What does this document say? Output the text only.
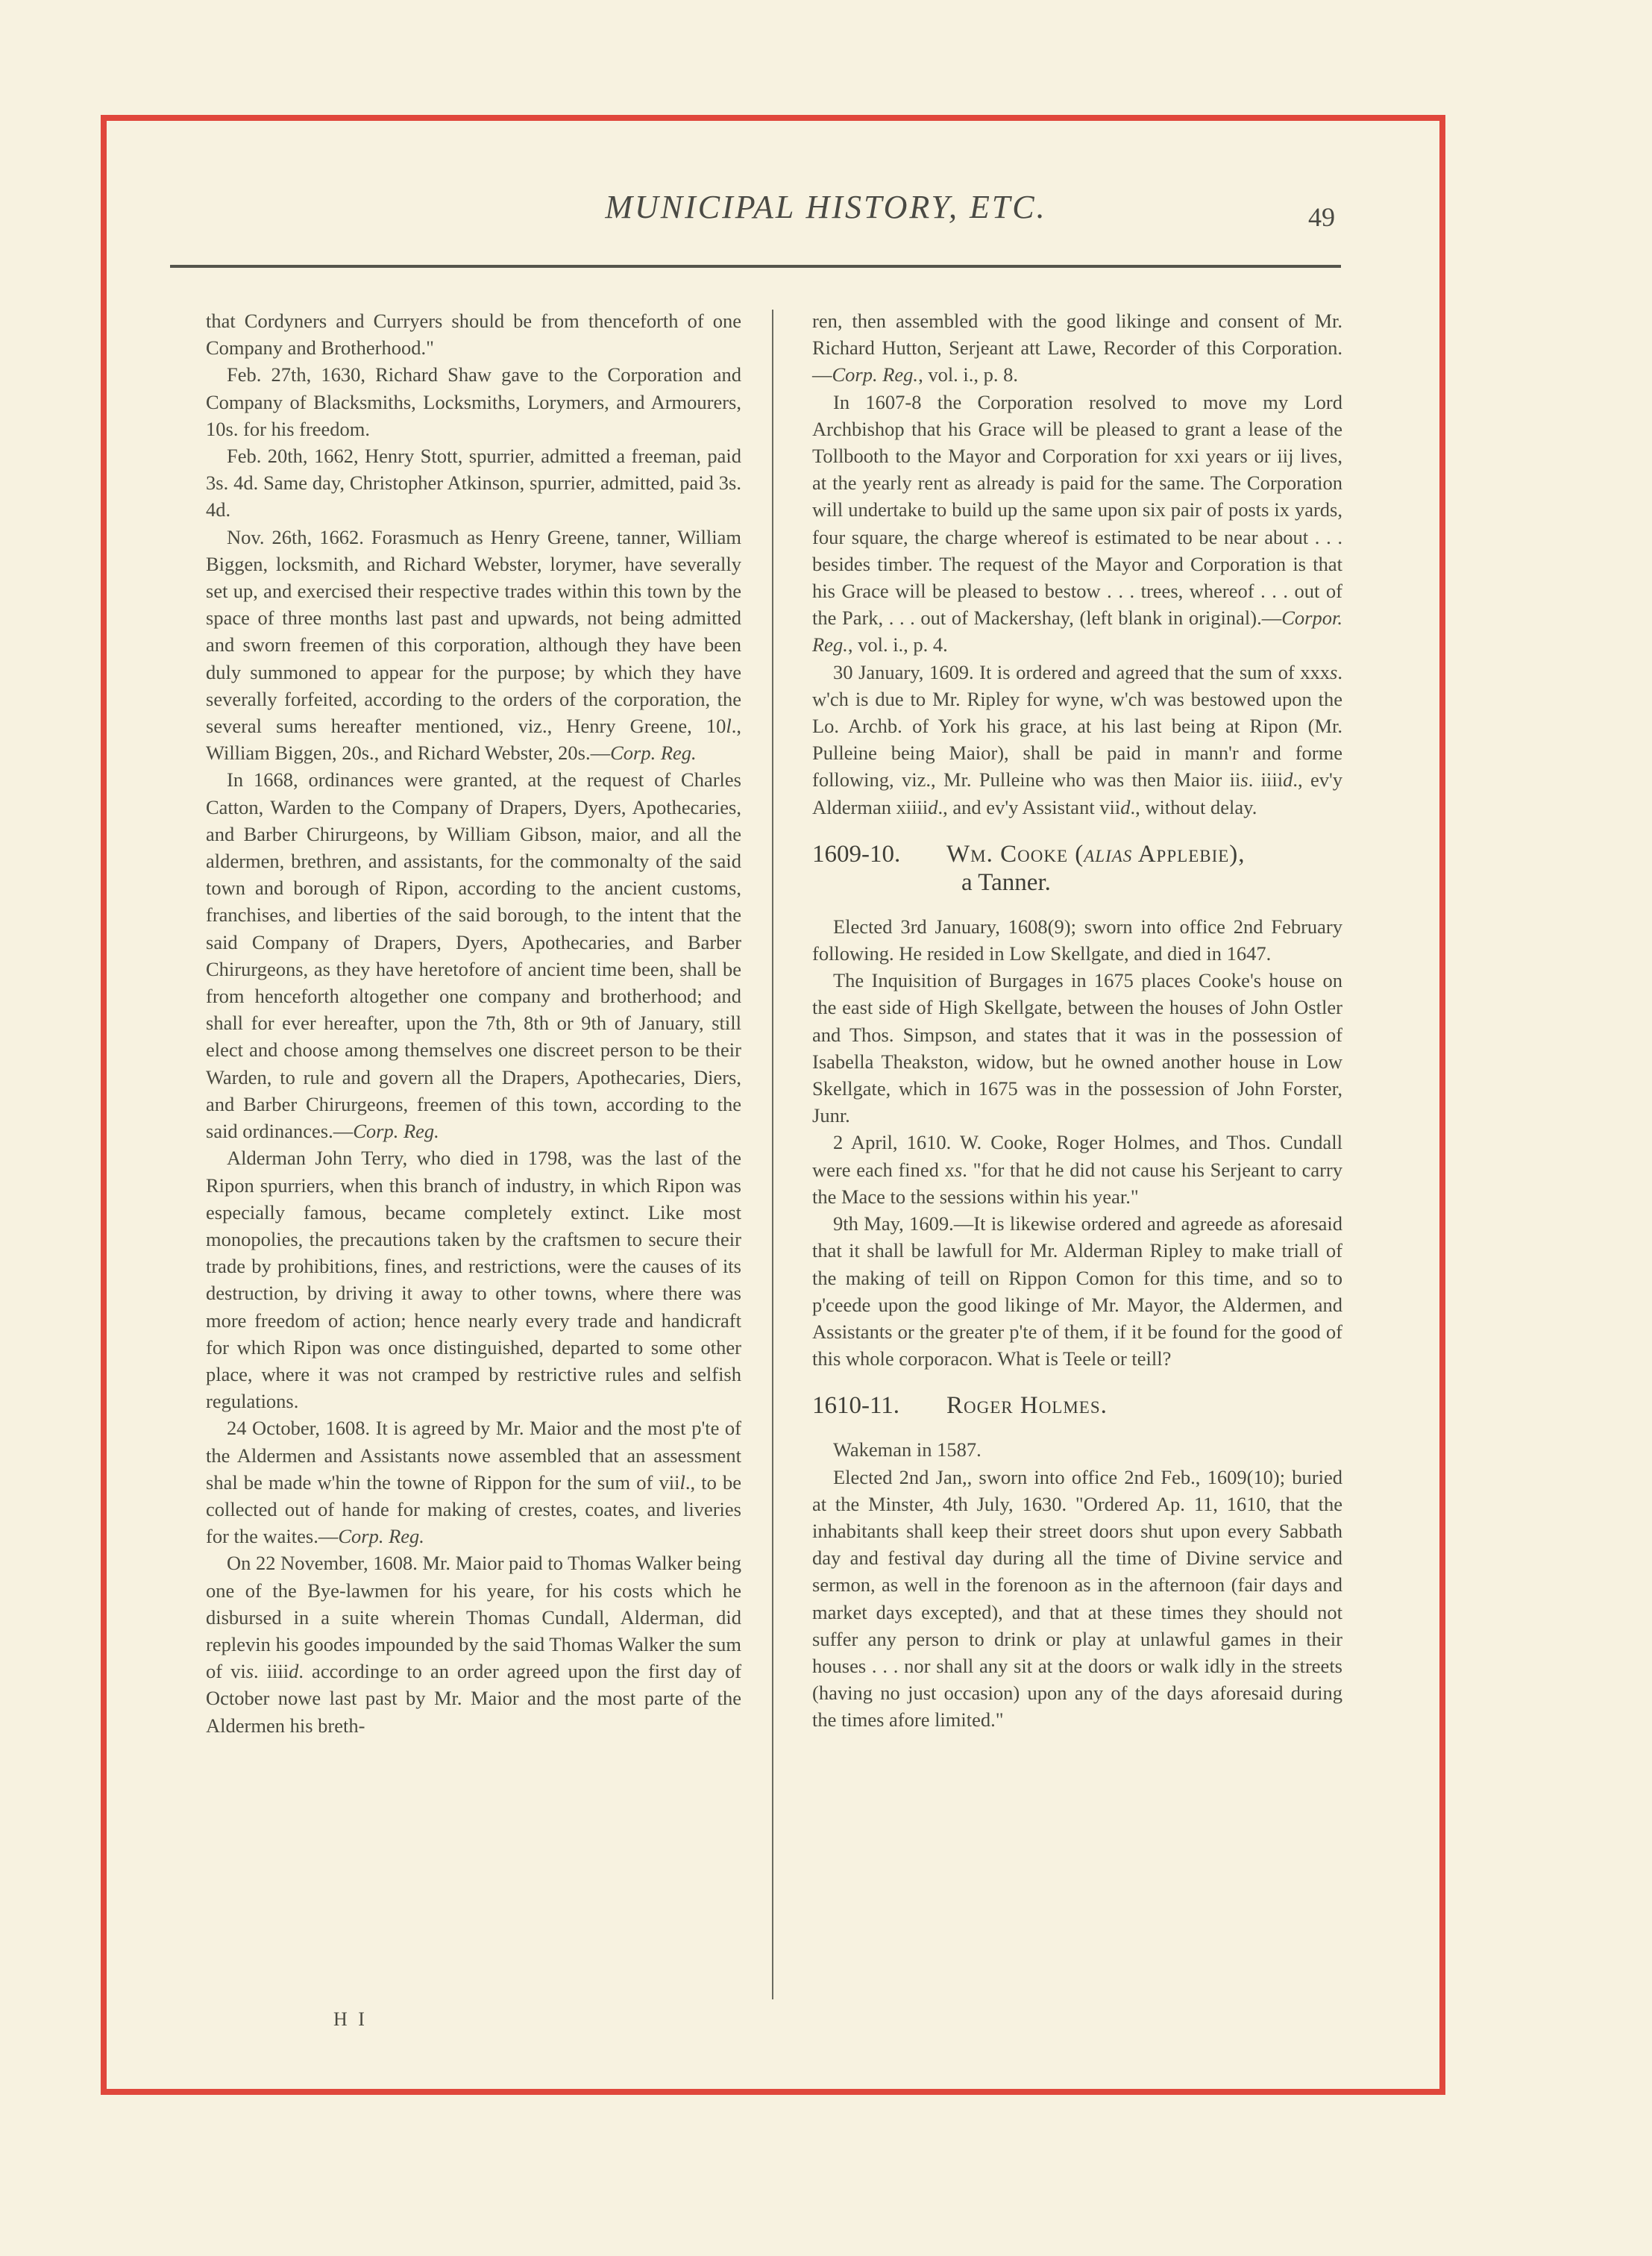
MUNICIPAL HISTORY, ETC.	49

that Cordyners and Curryers should be from thenceforth of one Company and Brotherhood."

Feb. 27th, 1630, Richard Shaw gave to the Corporation and Company of Blacksmiths, Locksmiths, Lorymers, and Armourers, 10s. for his freedom.

Feb. 20th, 1662, Henry Stott, spurrier, admitted a freeman, paid 3s. 4d. Same day, Christopher Atkinson, spurrier, admitted, paid 3s. 4d.

Nov. 26th, 1662. Forasmuch as Henry Greene, tanner, William Biggen, locksmith, and Richard Webster, lorymer, have severally set up, and exercised their respective trades within this town by the space of three months last past and upwards, not being admitted and sworn freemen of this corporation, although they have been duly summoned to appear for the purpose; by which they have severally forfeited, according to the orders of the corporation, the several sums hereafter mentioned, viz., Henry Greene, 10l., William Biggen, 20s., and Richard Webster, 20s.—Corp. Reg.

In 1668, ordinances were granted, at the request of Charles Catton, Warden to the Company of Drapers, Dyers, Apothecaries, and Barber Chirurgeons, by William Gibson, maior, and all the aldermen, brethren, and assistants, for the commonalty of the said town and borough of Ripon, according to the ancient customs, franchises, and liberties of the said borough, to the intent that the said Company of Drapers, Dyers, Apothecaries, and Barber Chirurgeons, as they have heretofore of ancient time been, shall be from henceforth altogether one company and brotherhood; and shall for ever hereafter, upon the 7th, 8th or 9th of January, still elect and choose among themselves one discreet person to be their Warden, to rule and govern all the Drapers, Apothecaries, Diers, and Barber Chirurgeons, freemen of this town, according to the said ordinances.—Corp. Reg.

Alderman John Terry, who died in 1798, was the last of the Ripon spurriers, when this branch of industry, in which Ripon was especially famous, became completely extinct. Like most monopolies, the precautions taken by the craftsmen to secure their trade by prohibitions, fines, and restrictions, were the causes of its destruction, by driving it away to other towns, where there was more freedom of action; hence nearly every trade and handicraft for which Ripon was once distinguished, departed to some other place, where it was not cramped by restrictive rules and selfish regulations.

24 October, 1608. It is agreed by Mr. Maior and the most p'te of the Aldermen and Assistants nowe assembled that an assessment shal be made w'hin the towne of Rippon for the sum of viil., to be collected out of hande for making of crestes, coates, and liveries for the waites.—Corp. Reg.

On 22 November, 1608. Mr. Maior paid to Thomas Walker being one of the Bye-lawmen for his yeare, for his costs which he disbursed in a suite wherein Thomas Cundall, Alderman, did replevin his goodes impounded by the said Thomas Walker the sum of vis. iiiid. accordinge to an order agreed upon the first day of October nowe last past by Mr. Maior and the most parte of the Aldermen his breth-

ren, then assembled with the good likinge and consent of Mr. Richard Hutton, Serjeant att Lawe, Recorder of this Corporation.—Corp. Reg., vol. i., p. 8.

In 1607-8 the Corporation resolved to move my Lord Archbishop that his Grace will be pleased to grant a lease of the Tollbooth to the Mayor and Corporation for xxi years or iij lives, at the yearly rent as already is paid for the same. The Corporation will undertake to build up the same upon six pair of posts ix yards, four square, the charge whereof is estimated to be near about . . . besides timber. The request of the Mayor and Corporation is that his Grace will be pleased to bestow . . . trees, whereof . . . out of the Park, . . . out of Mackershay, (left blank in original).—Corpor. Reg., vol. i., p. 4.

30 January, 1609. It is ordered and agreed that the sum of xxxs. w'ch is due to Mr. Ripley for wyne, w'ch was bestowed upon the Lo. Archb. of York his grace, at his last being at Ripon (Mr. Pulleine being Maior), shall be paid in mann'r and forme following, viz., Mr. Pulleine who was then Maior iis. iiiid., ev'y Alderman xiiiid., and ev'y Assistant viid., without delay.

1609-10. Wm. Cooke (alias Applebie),
a Tanner.

Elected 3rd January, 1608(9); sworn into office 2nd February following. He resided in Low Skellgate, and died in 1647.

The Inquisition of Burgages in 1675 places Cooke's house on the east side of High Skellgate, between the houses of John Ostler and Thos. Simpson, and states that it was in the possession of Isabella Theakston, widow, but he owned another house in Low Skellgate, which in 1675 was in the possession of John Forster, Junr.

2 April, 1610. W. Cooke, Roger Holmes, and Thos. Cundall were each fined xs. "for that he did not cause his Serjeant to carry the Mace to the sessions within his year."

9th May, 1609.—It is likewise ordered and agreede as aforesaid that it shall be lawfull for Mr. Alderman Ripley to make triall of the making of teill on Rippon Comon for this time, and so to p'ceede upon the good likinge of Mr. Mayor, the Aldermen, and Assistants or the greater p'te of them, if it be found for the good of this whole corporacon. What is Teele or teill?

1610-11. Roger Holmes.

Wakeman in 1587.

Elected 2nd Jan,, sworn into office 2nd Feb., 1609(10); buried at the Minster, 4th July, 1630. "Ordered Ap. 11, 1610, that the inhabitants shall keep their street doors shut upon every Sabbath day and festival day during all the time of Divine service and sermon, as well in the forenoon as in the afternoon (fair days and market days excepted), and that at these times they should not suffer any person to drink or play at unlawful games in their houses . . . nor shall any sit at the doors or walk idly in the streets (having no just occasion) upon any of the days aforesaid during the times afore limited."

H I
